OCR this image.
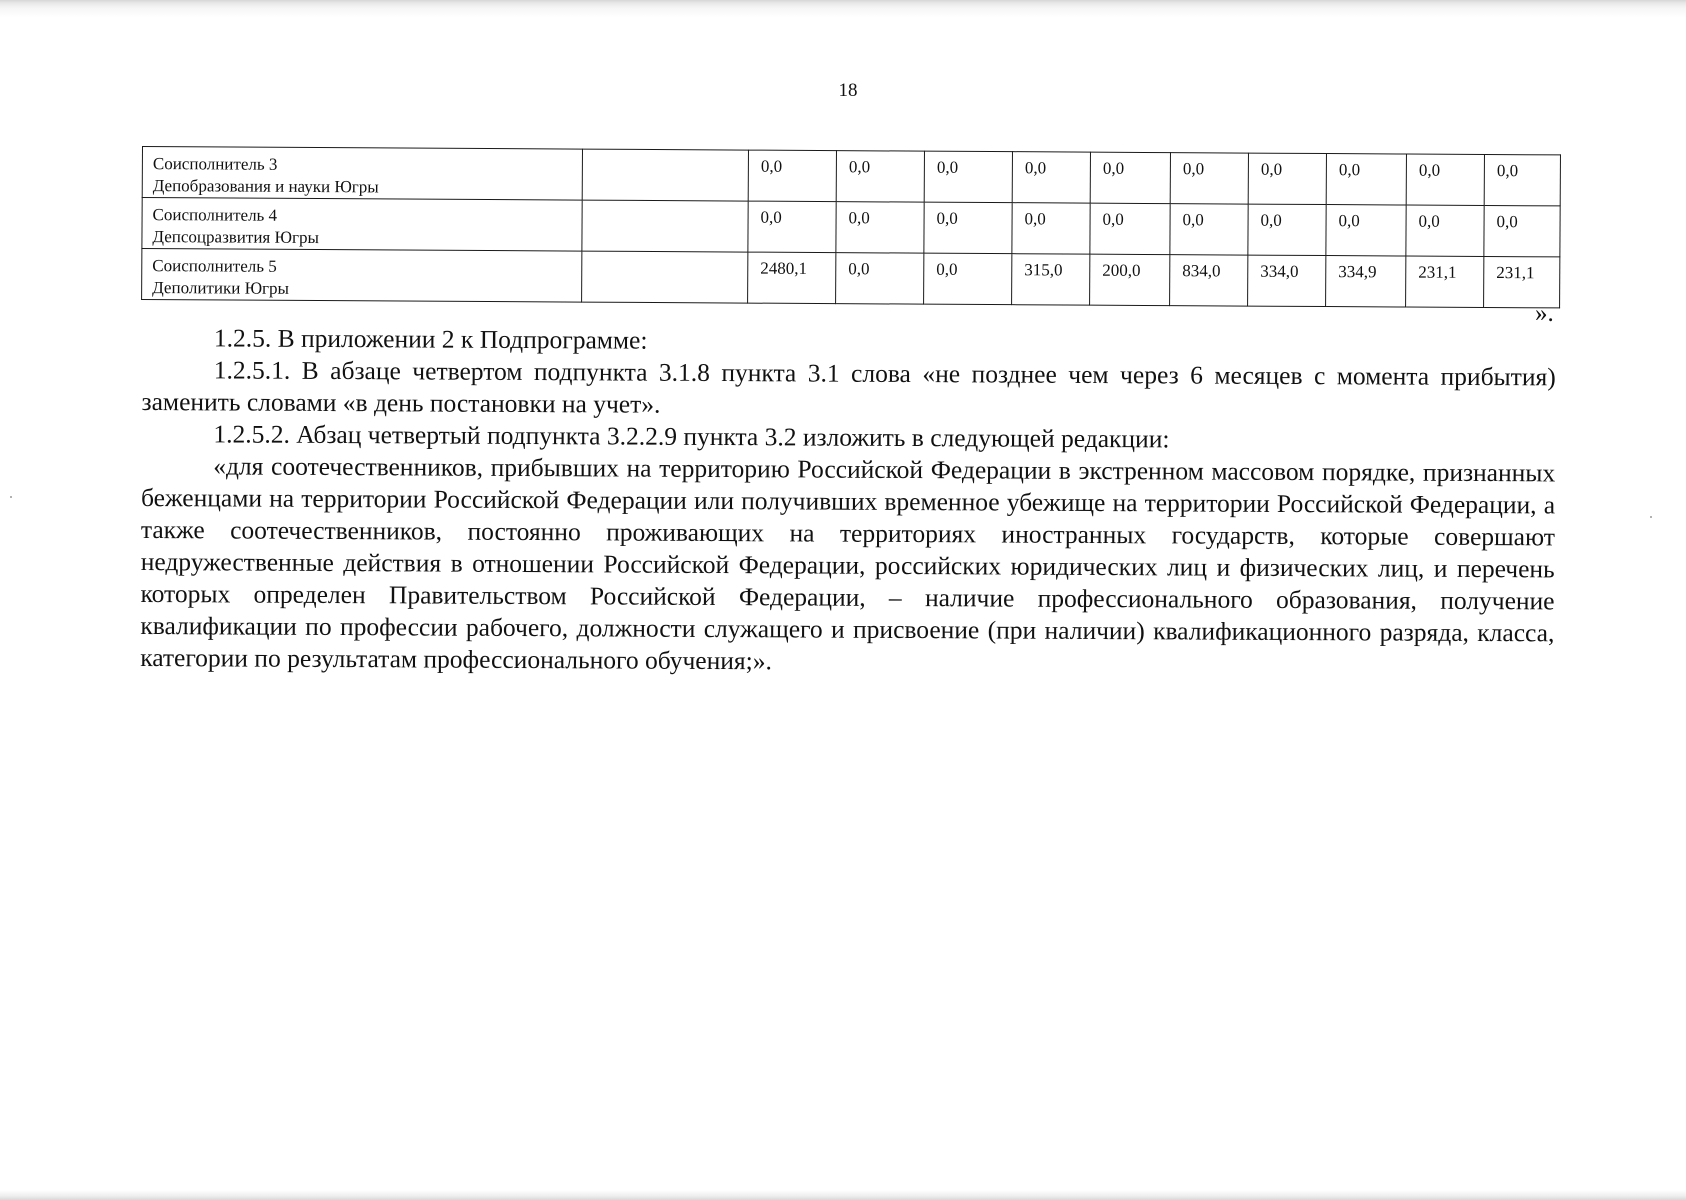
18
Соисполнитель 3
Депобразования и науки Югры		0,0	0,0	0,0	0,0	0,0	0,0	0,0	0,0	0,0	0,0

Соисполнитель 4
Депсоцразвития Югры		0,0	0,0	0,0	0,0	0,0	0,0	0,0	0,0	0,0	0,0

Соисполнитель 5
Деполитики Югры		2480,1	0,0	0,0	315,0	200,0	834,0	334,0	334,9	231,1	231,1
».

1.2.5. В приложении 2 к Подпрограмме:

1.2.5.1. В абзаце четвертом подпункта 3.1.8 пункта 3.1 слова «не позднее чем через 6 месяцев с момента прибытия) заменить словами «в день постановки на учет».

1.2.5.2. Абзац четвертый подпункта 3.2.2.9 пункта 3.2 изложить в следующей редакции:

«для соотечественников, прибывших на территорию Российской Федерации в экстренном массовом порядке, признанных беженцами на территории Российской Федерации или получивших временное убежище на территории Российской Федерации, а также соотечественников, постоянно проживающих на территориях иностранных государств, которые совершают недружественные действия в отношении Российской Федерации, российских юридических лиц и физических лиц, и перечень которых определен Правительством Российской Федерации, – наличие профессионального образования, получение квалификации по профессии рабочего, должности служащего и присвоение (при наличии) квалификационного разряда, класса, категории по результатам профессионального обучения;».
